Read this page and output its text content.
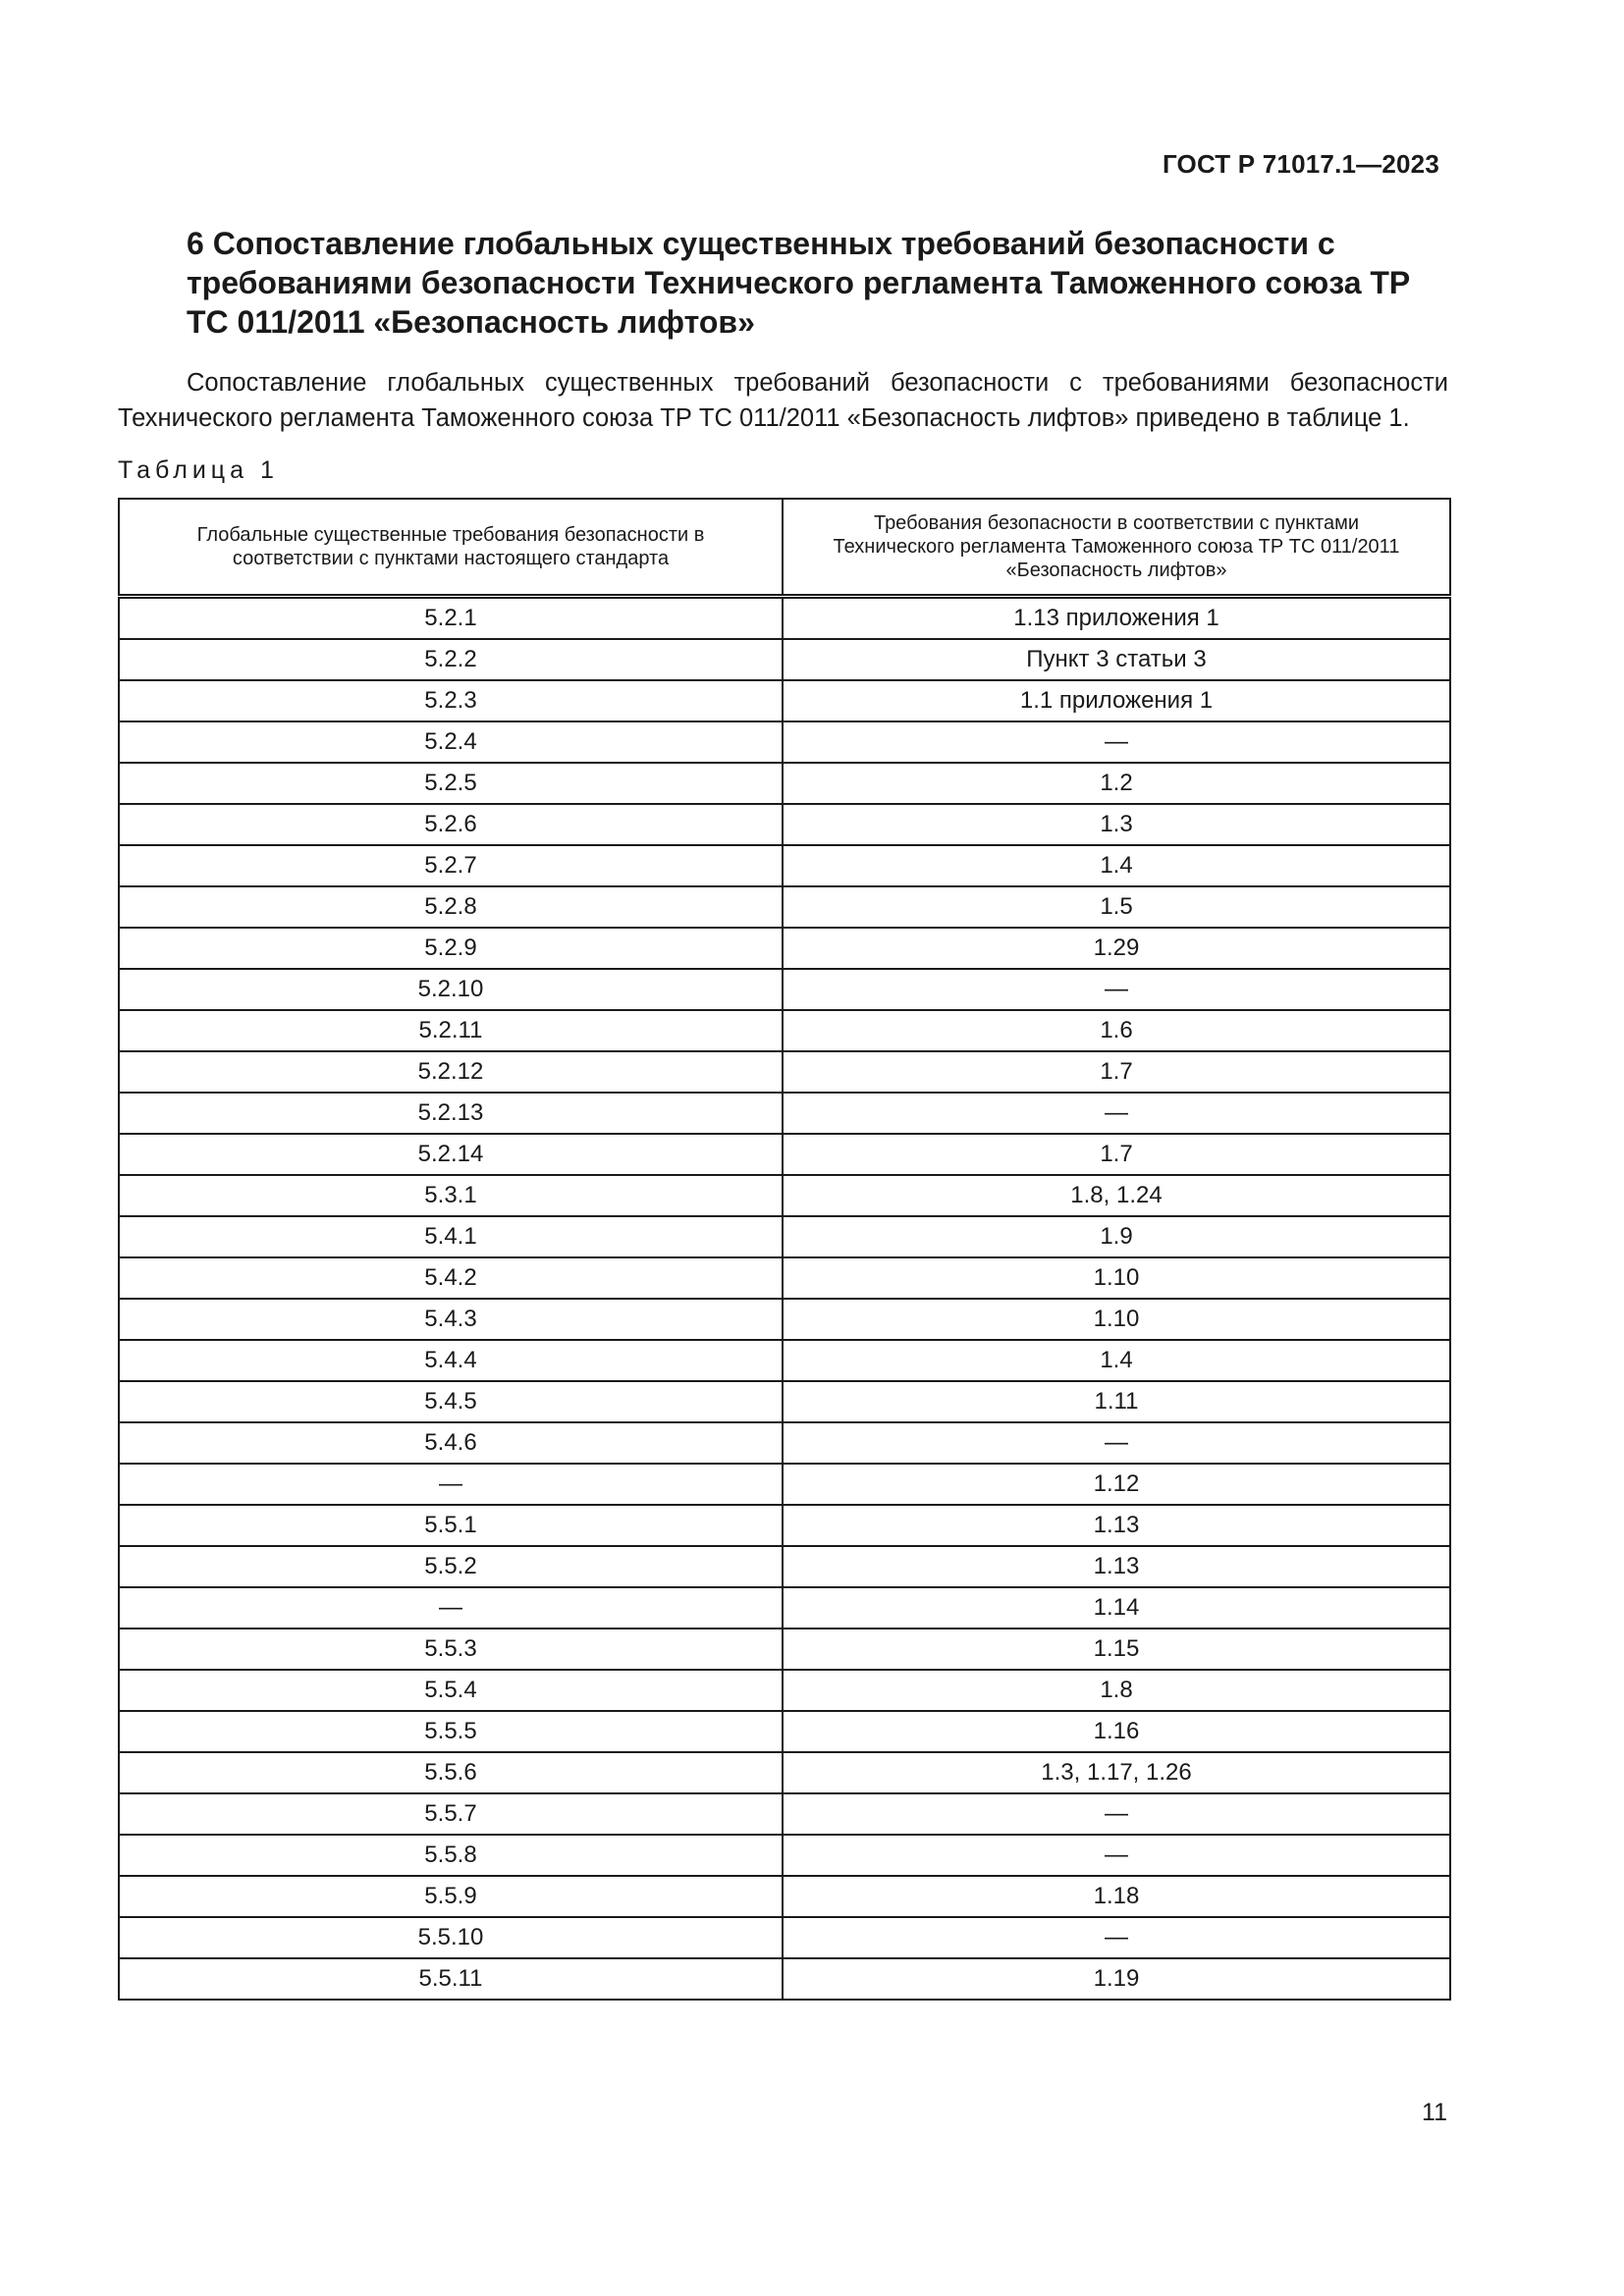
ГОСТ Р 71017.1—2023
6 Сопоставление глобальных существенных требований безопасности с требованиями безопасности Технического регламента Таможенного союза ТР ТС 011/2011 «Безопасность лифтов»

Сопоставление глобальных существенных требований безопасности с требованиями безопасности Технического регламента Таможенного союза ТР ТС 011/2011 «Безопасность лифтов» приведено в таблице 1.

Таблица 1
Глобальные существенные требования безопасности в соответствии с пунктами настоящего стандарта	Требования безопасности в соответствии с пунктами Технического регламента Таможенного союза ТР ТС 011/2011 «Безопасность лифтов»
5.2.1	1.13 приложения 1
5.2.2	Пункт 3 статьи 3
5.2.3	1.1 приложения 1
5.2.4	—
5.2.5	1.2
5.2.6	1.3
5.2.7	1.4
5.2.8	1.5
5.2.9	1.29
5.2.10	—
5.2.11	1.6
5.2.12	1.7
5.2.13	—
5.2.14	1.7
5.3.1	1.8, 1.24
5.4.1	1.9
5.4.2	1.10
5.4.3	1.10
5.4.4	1.4
5.4.5	1.11
5.4.6	—
—	1.12
5.5.1	1.13
5.5.2	1.13
—	1.14
5.5.3	1.15
5.5.4	1.8
5.5.5	1.16
5.5.6	1.3, 1.17, 1.26
5.5.7	—
5.5.8	—
5.5.9	1.18
5.5.10	—
5.5.11	1.19
11
